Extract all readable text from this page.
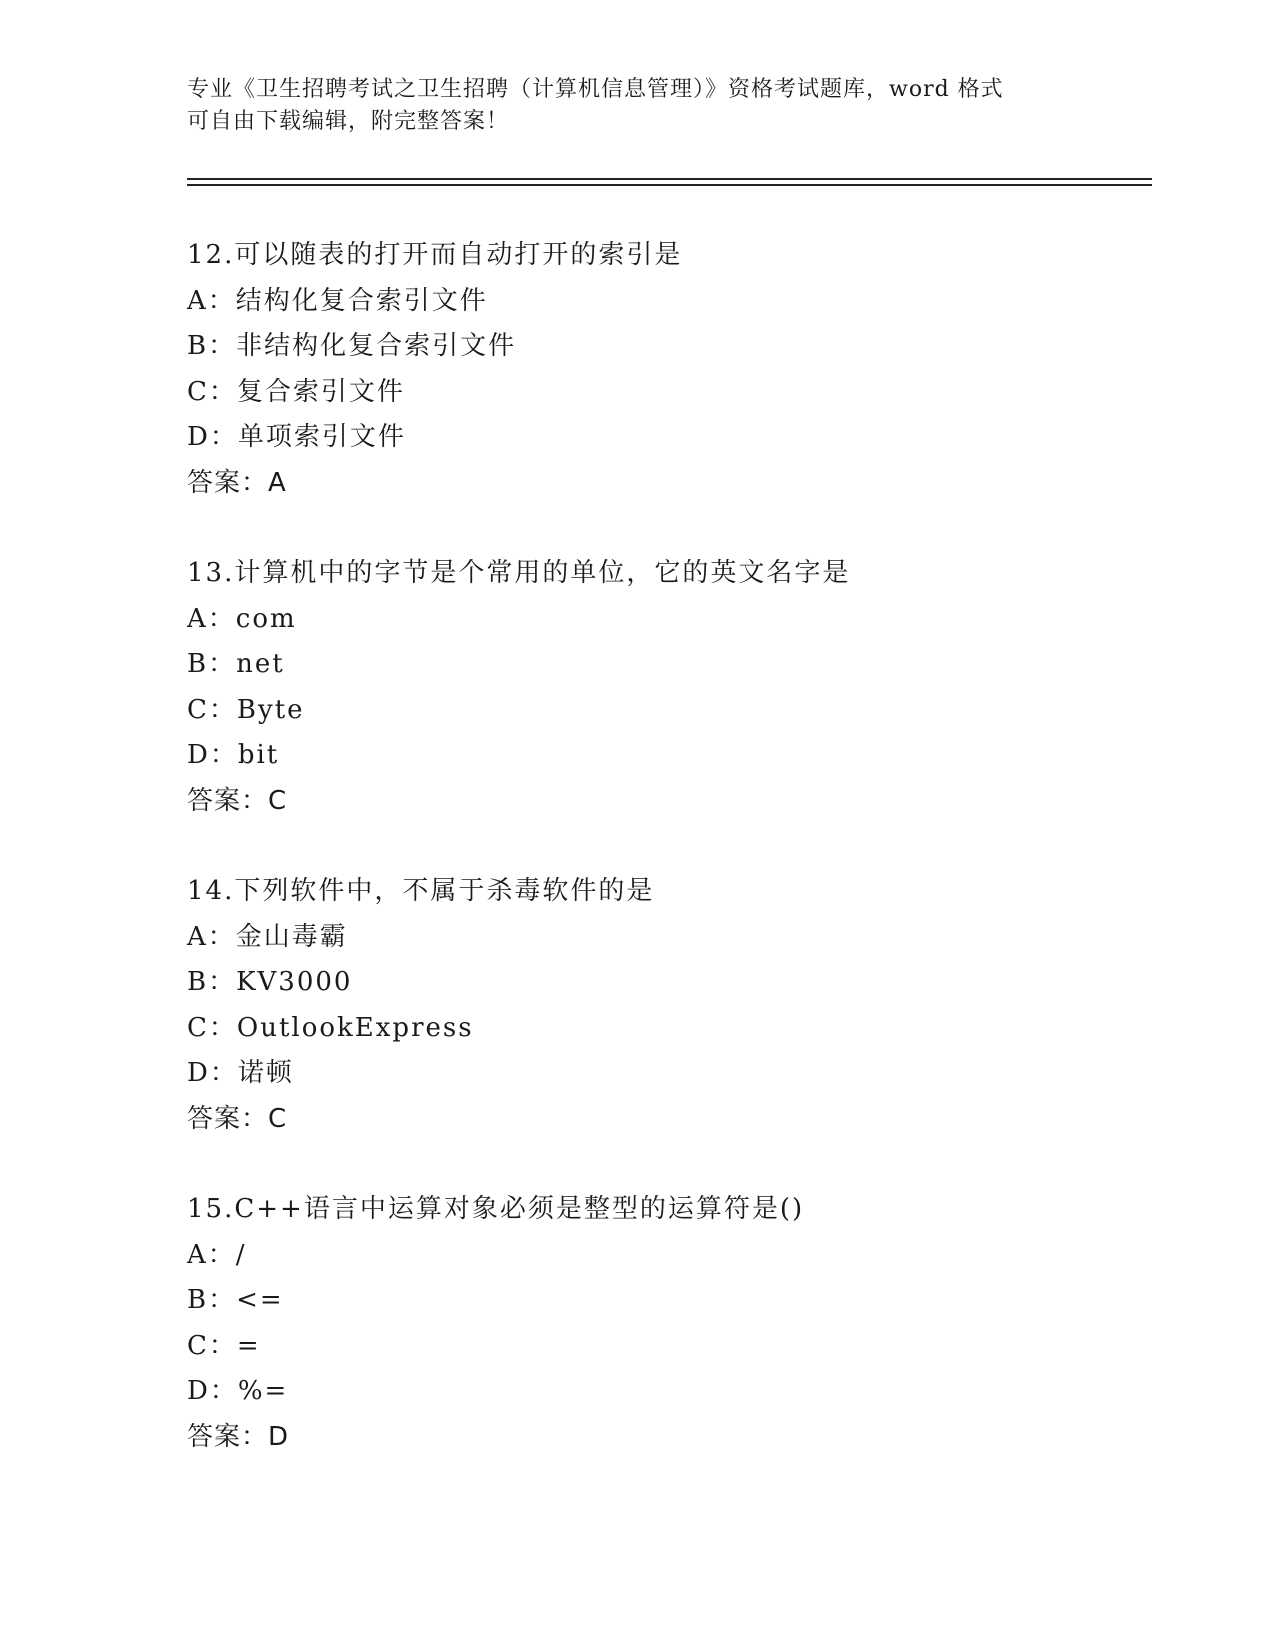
专业《卫生招聘考试之卫生招聘（计算机信息管理）》资格考试题库，word 格式
可自由下载编辑，附完整答案！
12.可以随表的打开而自动打开的索引是
A：结构化复合索引文件
B：非结构化复合索引文件
C：复合索引文件
D：单项索引文件
答案：A
13.计算机中的字节是个常用的单位，它的英文名字是
A：com
B：net
C：Byte
D：bit
答案：C
14.下列软件中，不属于杀毒软件的是
A：金山毒霸
B：KV3000
C：OutlookExpress
D：诺顿
答案：C
15.C++语言中运算对象必须是整型的运算符是()
A：/
B：<=
C：=
D：%=
答案：D
